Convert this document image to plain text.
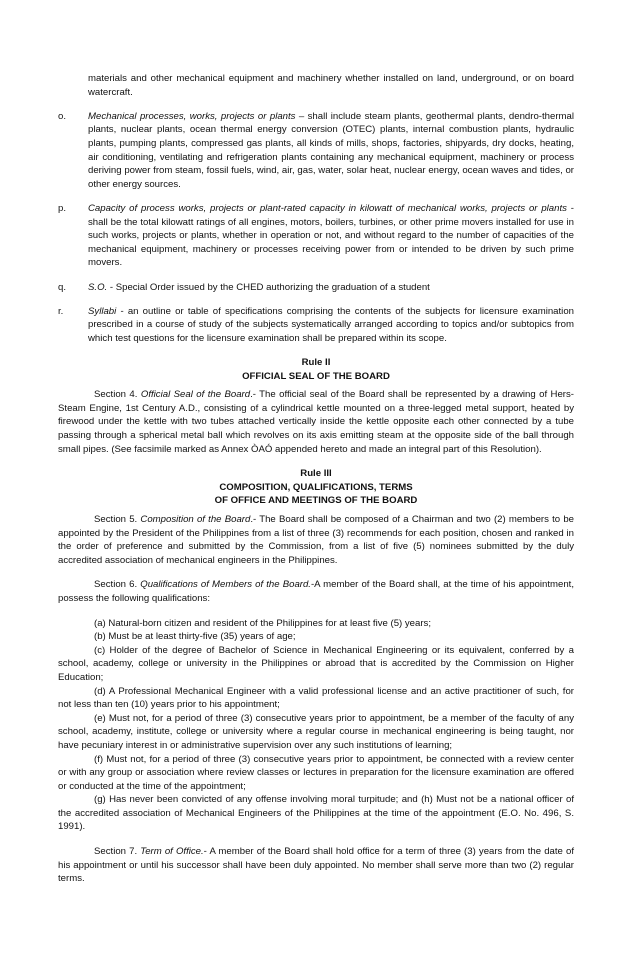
materials and other mechanical equipment and machinery whether installed on land, underground, or on board watercraft.
o.	Mechanical processes, works, projects or plants – shall include steam plants, geothermal plants, dendro-thermal plants, nuclear plants, ocean thermal energy conversion (OTEC) plants, internal combustion plants, hydraulic plants, pumping plants, compressed gas plants, all kinds of mills, shops, factories, shipyards, dry docks, heating, air conditioning, ventilating and refrigeration plants containing any mechanical equipment, machinery or process deriving power from steam, fossil fuels, wind, air, gas, water, solar heat, nuclear energy, ocean waves and tides, or other energy sources.
p.	Capacity of process works, projects or plant-rated capacity in kilowatt of mechanical works, projects or plants - shall be the total kilowatt ratings of all engines, motors, boilers, turbines, or other prime movers installed for use in such works, projects or plants, whether in operation or not, and without regard to the number of capacities of the mechanical equipment, machinery or processes receiving power from or intended to be driven by such prime movers.
q.	S.O. - Special Order issued by the CHED authorizing the graduation of a student
r.	Syllabi - an outline or table of specifications comprising the contents of the subjects for licensure examination prescribed in a course of study of the subjects systematically arranged according to topics and/or subtopics from which test questions for the licensure examination shall be prepared within its scope.
Rule II
OFFICIAL SEAL OF THE BOARD

Section 4. Official Seal of the Board.- The official seal of the Board shall be represented by a drawing of Hers-Steam Engine, 1st Century A.D., consisting of a cylindrical kettle mounted on a three-legged metal support, heated by firewood under the kettle with two tubes attached vertically inside the kettle opposite each other connected by a tube passing through a spherical metal ball which revolves on its axis emitting steam at the opposite side of the ball through small pipes. (See facsimile marked as Annex ÒAÓ appended hereto and made an integral part of this Resolution).

Rule III
COMPOSITION, QUALIFICATIONS, TERMS
OF OFFICE AND MEETINGS OF THE BOARD

Section 5. Composition of the Board.- The Board shall be composed of a Chairman and two (2) members to be appointed by the President of the Philippines from a list of three (3) recommends for each position, chosen and ranked in the order of preference and submitted by the Commission, from a list of five (5) nominees submitted by the duly accredited association of mechanical engineers in the Philippines.

Section 6. Qualifications of Members of the Board.-A member of the Board shall, at the time of his appointment, possess the following qualifications:

(a) Natural-born citizen and resident of the Philippines for at least five (5) years;

(b) Must be at least thirty-five (35) years of age;

(c) Holder of the degree of Bachelor of Science in Mechanical Engineering or its equivalent, conferred by a school, academy, college or university in the Philippines or abroad that is accredited by the Commission on Higher Education;

(d) A Professional Mechanical Engineer with a valid professional license and an active practitioner of such, for not less than ten (10) years prior to his appointment;

(e) Must not, for a period of three (3) consecutive years prior to appointment, be a member of the faculty of any school, academy, institute, college or university where a regular course in mechanical engineering is being taught, nor have pecuniary interest in or administrative supervision over any such institutions of learning;

(f) Must not, for a period of three (3) consecutive years prior to appointment, be connected with a review center or with any group or association where review classes or lectures in preparation for the licensure examination are offered or conducted at the time of the appointment;

(g) Has never been convicted of any offense involving moral turpitude; and (h) Must not be a national officer of the accredited association of Mechanical Engineers of the Philippines at the time of the appointment (E.O. No. 496, S. 1991).

Section 7. Term of Office.- A member of the Board shall hold office for a term of three (3) years from the date of his appointment or until his successor shall have been duly appointed. No member shall serve more than two (2) regular terms.
